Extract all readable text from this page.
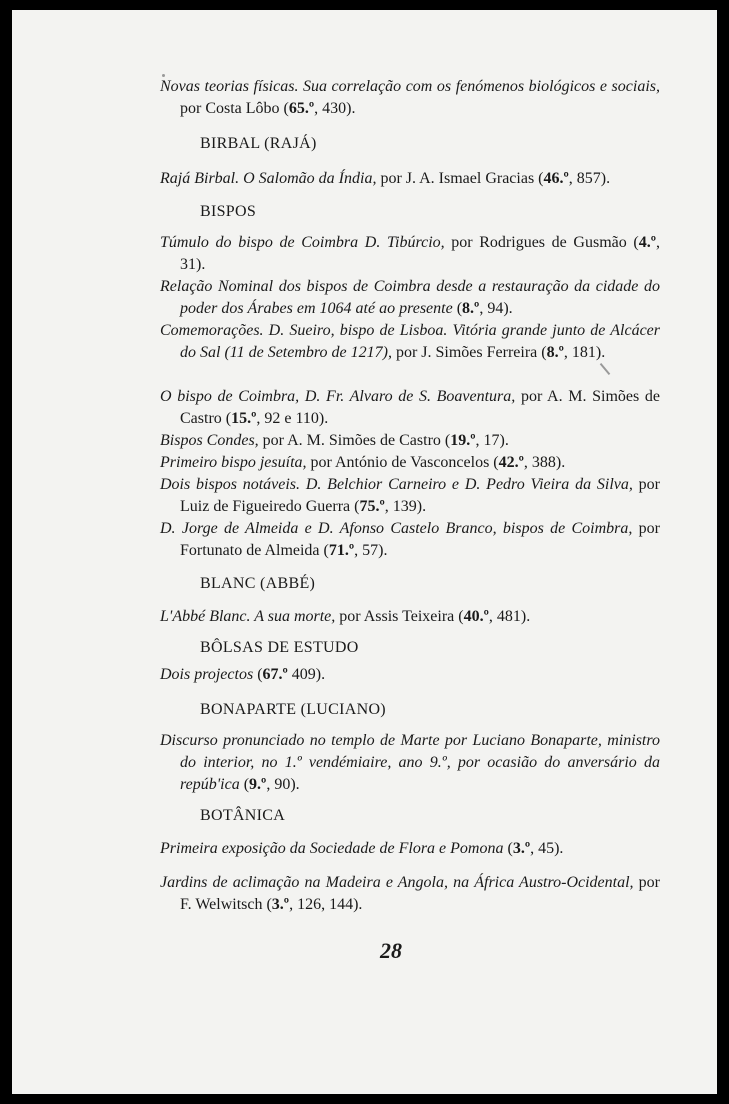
Novas teorias físicas. Sua correlação com os fenómenos biológicos e sociais, por Costa Lôbo (65.º, 430).

BIRBAL (RAJÁ)

Rajá Birbal. O Salomão da Índia, por J. A. Ismael Gracias (46.º, 857).

BISPOS

Túmulo do bispo de Coimbra D. Tibúrcio, por Rodrigues de Gusmão (4.º, 31).

Relação Nominal dos bispos de Coimbra desde a restauração da cidade do poder dos Árabes em 1064 até ao presente (8.º, 94).

Comemorações. D. Sueiro, bispo de Lisboa. Vitória grande junto de Alcácer do Sal (11 de Setembro de 1217), por J. Simões Ferreira (8.º, 181).

O bispo de Coimbra, D. Fr. Alvaro de S. Boaventura, por A. M. Simões de Castro (15.º, 92 e 110).

Bispos Condes, por A. M. Simões de Castro (19.º, 17).

Primeiro bispo jesuíta, por António de Vasconcelos (42.º, 388).

Dois bispos notáveis. D. Belchior Carneiro e D. Pedro Vieira da Silva, por Luiz de Figueiredo Guerra (75.º, 139).

D. Jorge de Almeida e D. Afonso Castelo Branco, bispos de Coimbra, por Fortunato de Almeida (71.º, 57).

BLANC (ABBÉ)

L'Abbé Blanc. A sua morte, por Assis Teixeira (40.º, 481).

BÔLSAS DE ESTUDO

Dois projectos (67.º 409).

BONAPARTE (LUCIANO)

Discurso pronunciado no templo de Marte por Luciano Bonaparte, ministro do interior, no 1.º vendémiaire, ano 9.º, por ocasião do anversário da repúb'ica (9.º, 90).

BOTÂNICA

Primeira exposição da Sociedade de Flora e Pomona (3.º, 45).

Jardins de aclimação na Madeira e Angola, na África Austro-Ocidental, por F. Welwitsch (3.º, 126, 144).

28
